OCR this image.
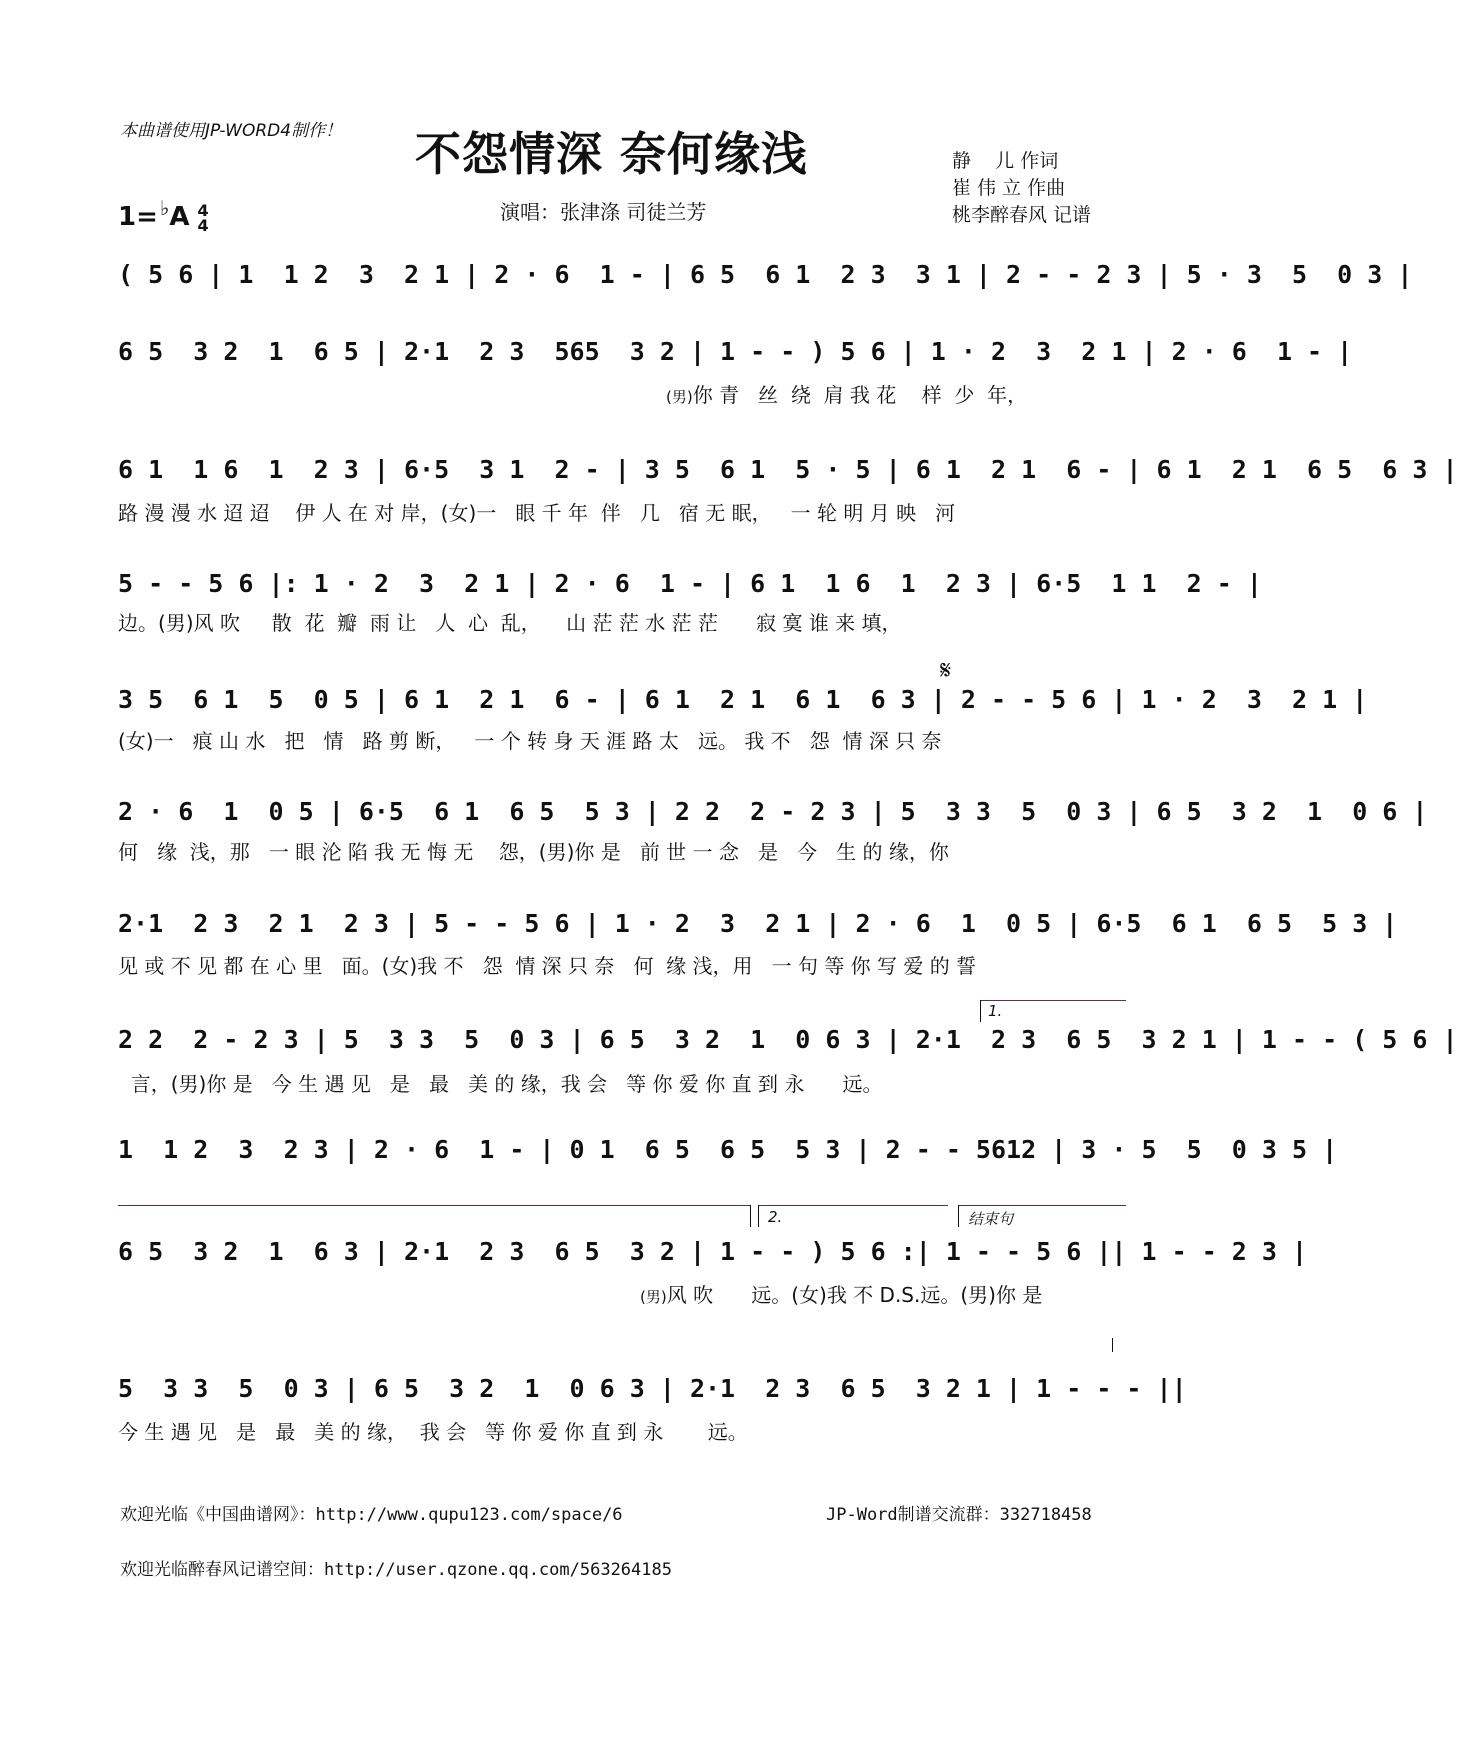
本曲谱使用JP-WORD4制作！ 不怨情深 奈何缘浅
1= ♭A 4
4
演唱：张津涤 司徒兰芳
静    儿 作词
崔 伟 立 作曲
桃李醉春风 记谱
( 5 6 | 1  1 2  3  2 1 | 2 · 6  1 - | 6 5  6 1  2 3  3 1 | 2 - - 2 3 | 5 · 3  5  0 3 |
6 5  3 2  1  6 5 | 2·1  2 3  565  3 2 | 1 - - ) 5 6 | 1 · 2  3  2 1 | 2 · 6  1 - |
(男)你 青   丝  绕  肩 我 花    样  少  年，
6 1  1 6  1  2 3 | 6·5  3 1  2 - | 3 5  6 1  5 · 5 | 6 1  2 1  6 - | 6 1  2 1  6 5  6 3 |
路 漫 漫 水 迢 迢    伊 人 在 对 岸，(女)一   眼 千 年  伴   几   宿 无 眠，   一 轮 明 月 映   河
5 - - 5 6 |: 1 · 2  3  2 1 | 2 · 6  1 - | 6 1  1 6  1  2 3 | 6·5  1 1  2 - |
边。(男)风 吹     散  花  瓣  雨 让   人  心  乱，    山 茫 茫 水 茫 茫      寂 寞 谁 来 填，
𝄋
3 5  6 1  5  0 5 | 6 1  2 1  6 - | 6 1  2 1  6 1  6 3 | 2 - - 5 6 | 1 · 2  3  2 1 |
(女)一   痕 山 水   把   情   路 剪 断，   一 个 转 身 天 涯 路 太   远。 我 不   怨  情 深 只 奈
2 · 6  1  0 5 | 6·5  6 1  6 5  5 3 | 2 2  2 - 2 3 | 5  3 3  5  0 3 | 6 5  3 2  1  0 6 |
何   缘  浅，那   一 眼 沦 陷 我 无 悔 无    怨，(男)你 是   前 世 一 念   是   今   生 的 缘，你
2·1  2 3  2 1  2 3 | 5 - - 5 6 | 1 · 2  3  2 1 | 2 · 6  1  0 5 | 6·5  6 1  6 5  5 3 |
见 或 不 见 都 在 心 里   面。(女)我 不   怨  情 深 只 奈   何  缘 浅，用   一 句 等 你 写 爱 的 誓
1.
2 2  2 - 2 3 | 5  3 3  5  0 3 | 6 5  3 2  1  0 6 3 | 2·1  2 3  6 5  3 2 1 | 1 - - ( 5 6 |
言，(男)你 是   今 生 遇 见   是   最   美 的 缘，我 会   等 你 爱 你 直 到 永      远。
1  1 2  3  2 3 | 2 · 6  1 - | 0 1  6 5  6 5  5 3 | 2 - - 5612 | 3 · 5  5  0 3 5 |
2.	结束句
6 5  3 2  1  6 3 | 2·1  2 3  6 5  3 2 | 1 - - ) 5 6 :| 1 - - 5 6 || 1 - - 2 3 |
(男)风 吹      远。(女)我 不 D.S.远。(男)你 是
5  3 3  5  0 3 | 6 5  3 2  1  0 6 3 | 2·1  2 3  6 5  3 2 1 | 1 - - - ||
今 生 遇 见   是   最   美 的 缘，  我 会   等 你 爱 你 直 到 永       远。
欢迎光临《中国曲谱网》：http://www.qupu123.com/space/6	JP-Word制谱交流群：332718458
欢迎光临醉春风记谱空间：http://user.qzone.qq.com/563264185
